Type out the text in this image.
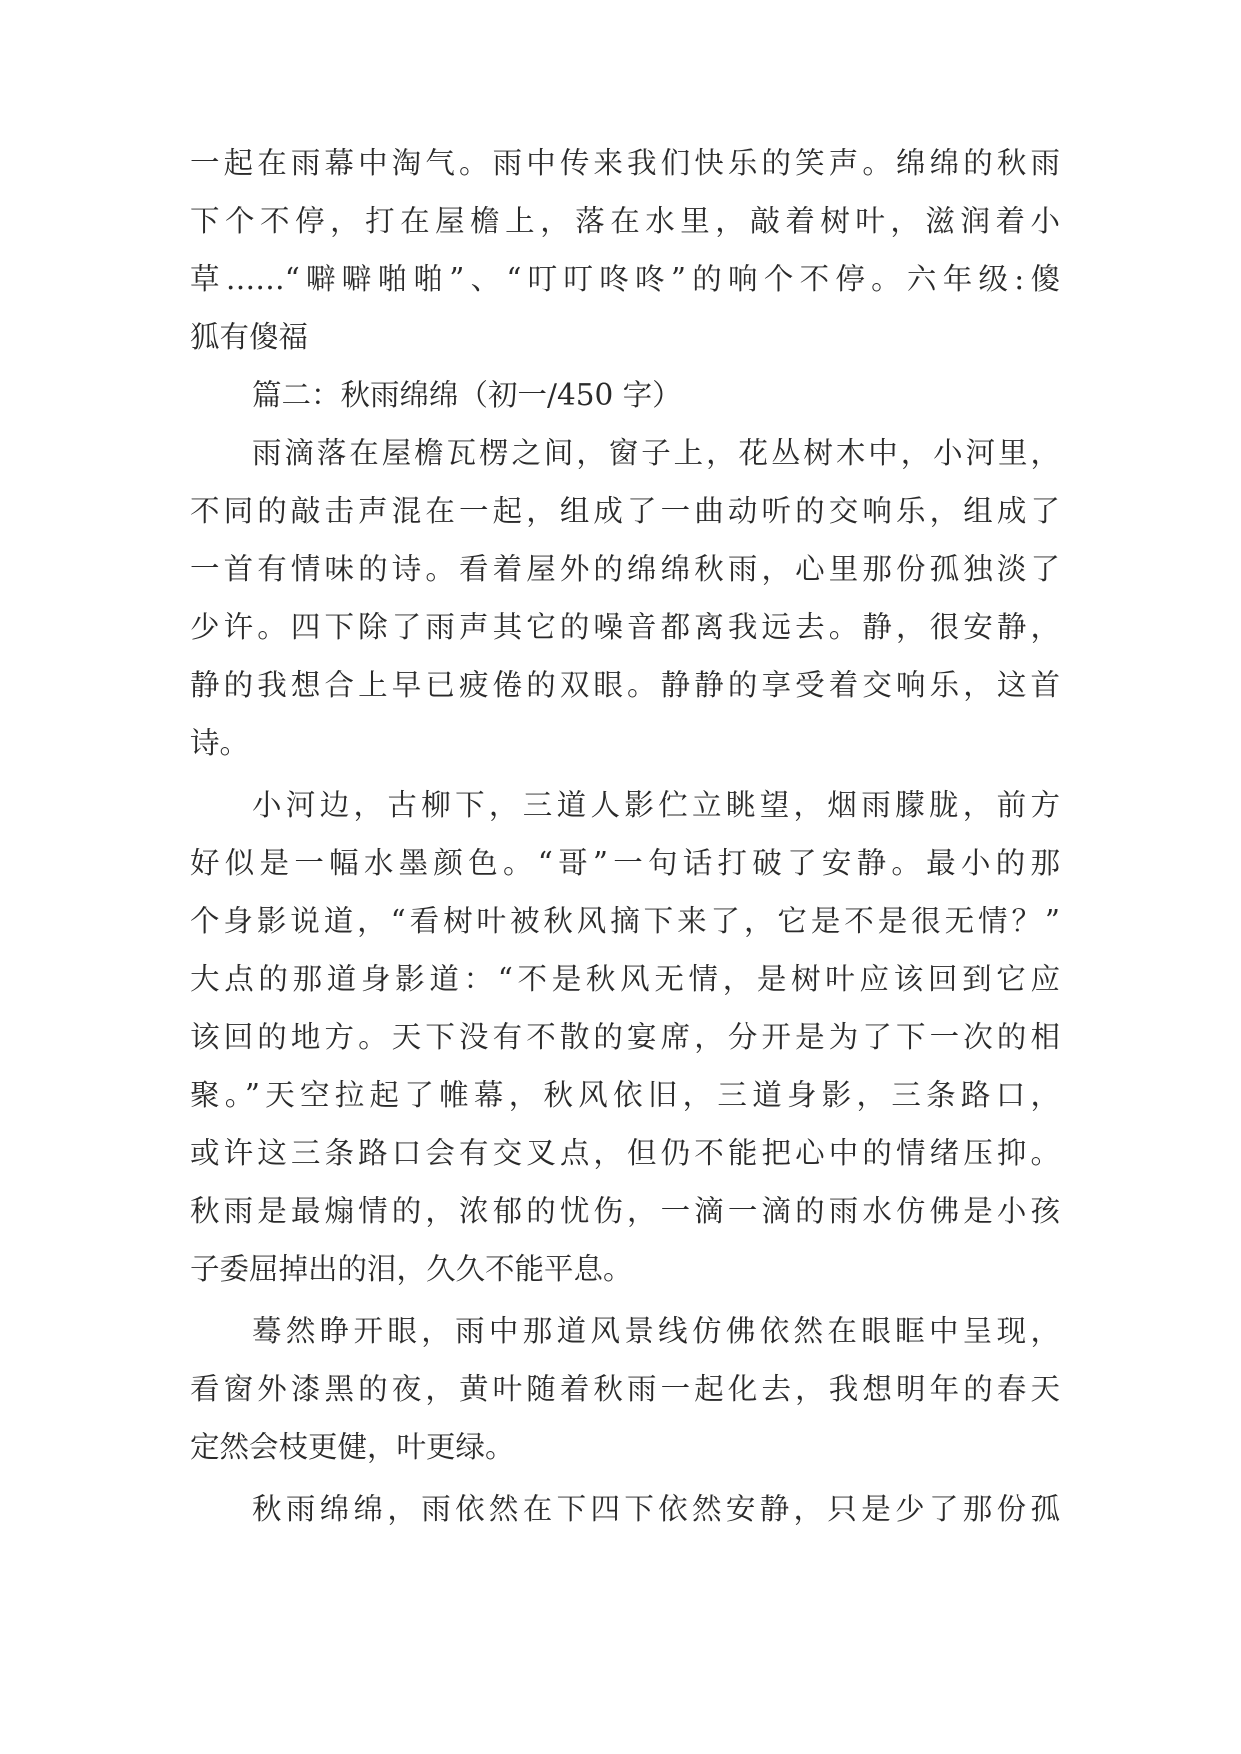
一起在雨幕中淘气。雨中传来我们快乐的笑声。绵绵的秋雨
下个不停，打在屋檐上，落在水里，敲着树叶，滋润着小
草……“噼噼啪啪”、“叮叮咚咚”的响个不停。六年级:傻
狐有傻福
篇二：秋雨绵绵（初一/450 字）
雨滴落在屋檐瓦楞之间，窗子上，花丛树木中，小河里，
不同的敲击声混在一起，组成了一曲动听的交响乐，组成了
一首有情味的诗。看着屋外的绵绵秋雨，心里那份孤独淡了
少许。四下除了雨声其它的噪音都离我远去。静，很安静，
静的我想合上早已疲倦的双眼。静静的享受着交响乐，这首
诗。
小河边，古柳下，三道人影伫立眺望，烟雨朦胧，前方
好似是一幅水墨颜色。“哥”一句话打破了安静。最小的那
个身影说道，“看树叶被秋风摘下来了，它是不是很无情？”
大点的那道身影道：“不是秋风无情，是树叶应该回到它应
该回的地方。天下没有不散的宴席，分开是为了下一次的相
聚。”天空拉起了帷幕，秋风依旧，三道身影，三条路口，
或许这三条路口会有交叉点，但仍不能把心中的情绪压抑。
秋雨是最煽情的，浓郁的忧伤，一滴一滴的雨水仿佛是小孩
子委屈掉出的泪，久久不能平息。
蓦然睁开眼，雨中那道风景线仿佛依然在眼眶中呈现，
看窗外漆黑的夜，黄叶随着秋雨一起化去，我想明年的春天
定然会枝更健，叶更绿。
秋雨绵绵，雨依然在下四下依然安静，只是少了那份孤
